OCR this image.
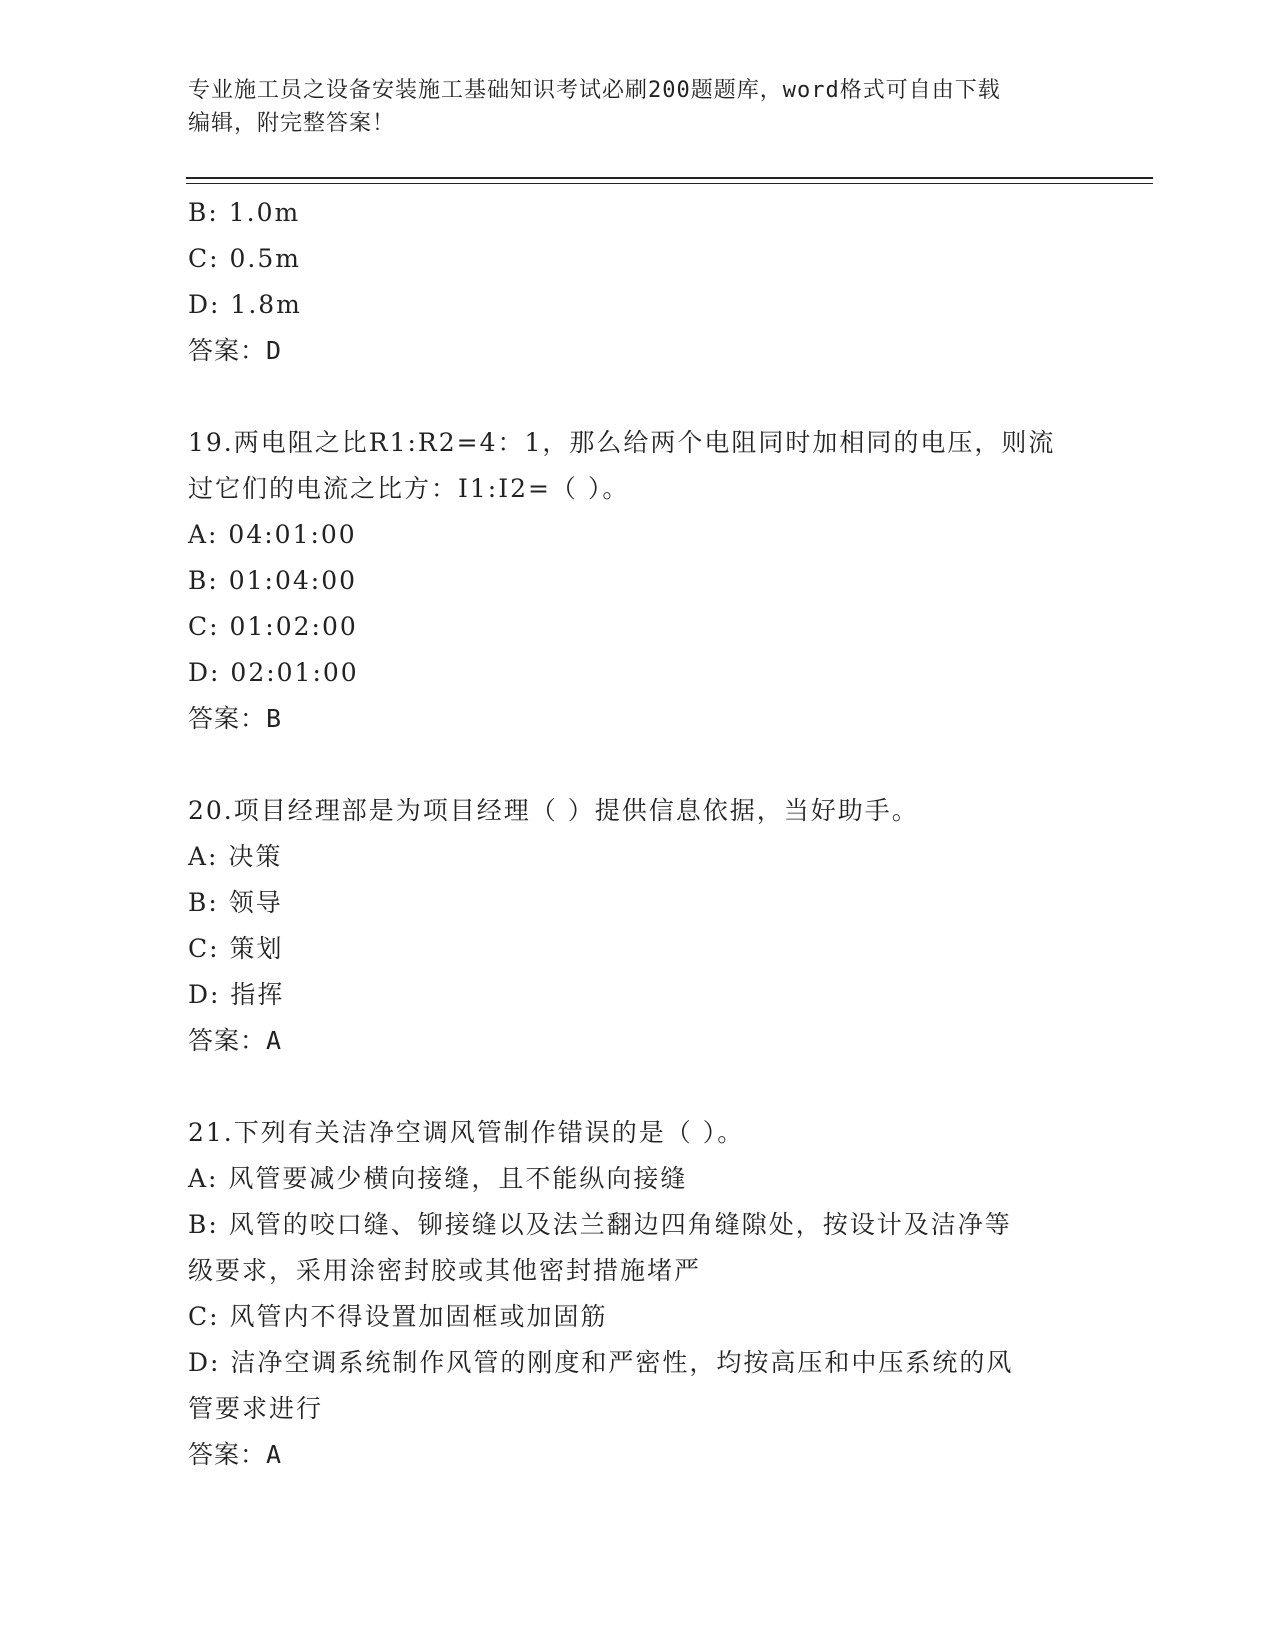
专业施工员之设备安装施工基础知识考试必刷200题题库，word格式可自由下载
编辑，附完整答案！
B: 1.0m
C: 0.5m
D: 1.8m
答案：D
19.两电阻之比R1:R2=4：1，那么给两个电阻同时加相同的电压，则流
过它们的电流之比方：I1:I2=（ ）。
A: 04:01:00
B: 01:04:00
C: 01:02:00
D: 02:01:00
答案：B
20.项目经理部是为项目经理（ ）提供信息依据，当好助手。
A: 决策
B: 领导
C: 策划
D: 指挥
答案：A
21.下列有关洁净空调风管制作错误的是（ ）。
A: 风管要减少横向接缝，且不能纵向接缝
B: 风管的咬口缝、铆接缝以及法兰翻边四角缝隙处，按设计及洁净等
级要求，采用涂密封胶或其他密封措施堵严
C: 风管内不得设置加固框或加固筋
D: 洁净空调系统制作风管的刚度和严密性，均按高压和中压系统的风
管要求进行
答案：A
